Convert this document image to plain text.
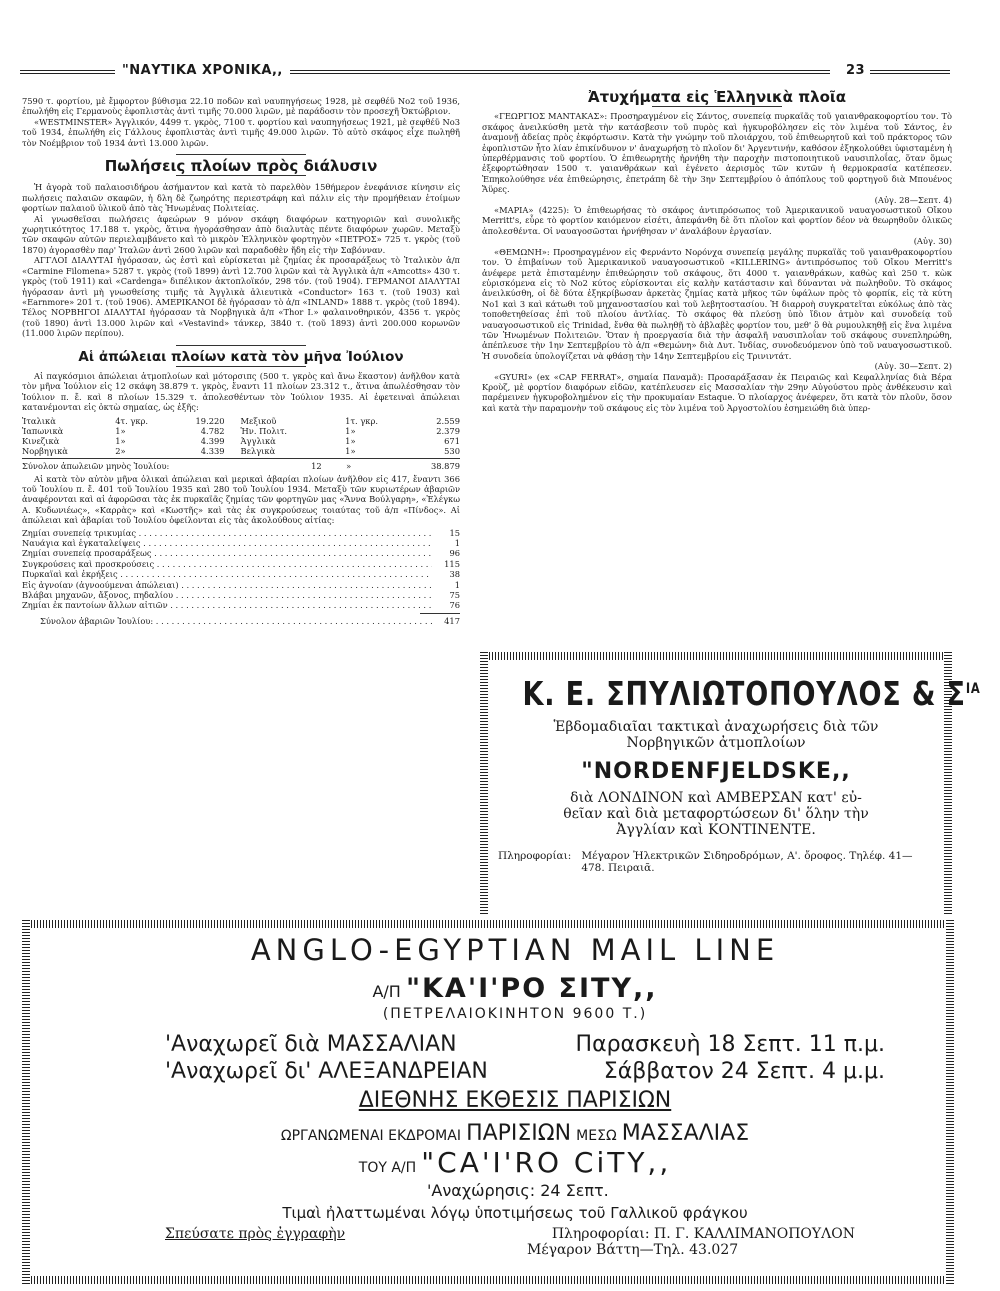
"ΝΑΥΤΙΚΑ ΧΡΟΝΙΚΑ,,	23

7590 τ. φορτίου, μὲ ἔμφορτον βύθισμα 22.10 ποδῶν καὶ ναυπηγήσεως 1928, μὲ σεφθέϋ Νο2 τοῦ 1936, ἐπωλήθη εἰς Γερμανοὺς ἐφοπλιστὰς ἀντὶ τιμῆς 70.000 λιρῶν, μὲ παράδοσιν τὸν προσεχῆ Ὀκτώβριον.

«WESTMINSTER» Ἀγγλικόν, 4499 τ. γκρὸς, 7100 τ. φορτίου καὶ ναυπηγήσεως 1921, μὲ σεφθέϋ Νο3 τοῦ 1934, ἐπωλήθη εἰς Γάλλους ἐφοπλιστὰς ἀντὶ τιμῆς 49.000 λιρῶν. Τὸ αὐτὸ σκάφος εἶχε πωληθῆ τὸν Νοέμβριον τοῦ 1934 ἀντὶ 13.000 λιρῶν.

Πωλήσεις πλοίων πρὸς διάλυσιν

Ἡ ἀγορὰ τοῦ παλαιοσιδήρου ἀσήμαντον καὶ κατὰ τὸ παρελθὸν 15θήμερον ἐνεφάνισε κίνησιν εἰς πωλήσεις παλαιῶν σκαφῶν, ἡ δλη δὲ ζωηρότης περιεστράφη καὶ πάλιν εἰς τὴν προμήθειαν ἑτοίμων φορτίων παλαιοῦ ὑλικοῦ ἀπὸ τὰς Ἡνωμένας Πολιτείας.

Αἱ γνωσθεῖσαι πωλήσεις ἀφεώρων 9 μόνον σκάφη διαφόρων κατηγοριῶν καὶ συνολικῆς χωρητικότητος 17.188 τ. γκρὸς, ἅτινα ἠγοράσθησαν ἀπὸ διαλυτὰς πέντε διαφόρων χωρῶν. Μεταξὺ τῶν σκαφῶν αὐτῶν περιελαμβάνετο καὶ τὸ μικρὸν Ἑλληνικὸν φορτηγὸν «ΠΕΤΡΟΣ» 725 τ. γκρὸς (τοῦ 1870) ἀγορασθὲν παρ' Ἰταλῶν ἀντὶ 2600 λιρῶν καὶ παραδοθὲν ἤδη εἰς τὴν Σαβόνναν.

ΑΓΓΛΟΙ ΔΙΑΛΥΤΑΙ ἠγόρασαν, ὡς ἐστὶ καὶ εὑρίσκεται μὲ ζημίας ἐκ προσαράξεως τὸ Ἰταλικὸν ἀ/π «Carmine Filomena» 5287 τ. γκρὸς (τοῦ 1899) ἀντὶ 12.700 λιρῶν καὶ τὰ Ἀγγλικὰ ἀ/π «Amcotts» 430 τ. γκρὸς (τοῦ 1911) καὶ «Cardenga» διπέλικον ἀκτοπλοϊκόν, 298 τόν. (τοῦ 1904). ΓΕΡΜΑΝΟΙ ΔΙΑΛΥΤΑΙ ἠγόρασαν ἀντὶ μὴ γνωσθείσης τιμῆς τὰ Ἀγγλικὰ ἁλιευτικὰ «Conductor» 163 τ. (τοῦ 1903) καὶ «Earnmore» 201 τ. (τοῦ 1906). ΑΜΕΡΙΚΑΝΟΙ δὲ ἠγόρασαν τὸ ἀ/π «INLAND» 1888 τ. γκρὸς (τοῦ 1894). Τέλος ΝΟΡΒΗΓΟΙ ΔΙΑΛΥΤΑΙ ἠγόρασαν τὰ Νορβηγικὰ ἀ/π «Thor I.» φαλαινοθηρικόν, 4356 τ. γκρὸς (τοῦ 1890) ἀντὶ 13.000 λιρῶν καὶ «Vestavind» τάνκερ, 3840 τ. (τοῦ 1893) ἀντὶ 200.000 κορωνῶν (11.000 λιρῶν περίπου).

Αἱ ἀπώλειαι πλοίων κατὰ τὸν μῆνα Ἰούλιον

Αἱ παγκόσμιοι ἀπώλειαι ἀτμοπλοίων καὶ μότορσιπς (500 τ. γκρὸς καὶ ἄνω ἕκαστον) ἀνῆλθον κατὰ τὸν μῆνα Ἰούλιον εἰς 12 σκάφη 38.879 τ. γκρὸς, ἔναντι 11 πλοίων 23.312 τ., ἅτινα ἀπωλέσθησαν τὸν Ἰούλιον π. ἔ. καὶ 8 πλοίων 15.329 τ. ἀπολεσθέντων τὸν Ἰούλιον 1935. Αἱ ἐφετειναὶ ἀπώλειαι κατανέμονται εἰς ὀκτὼ σημαίας, ὡς ἑξῆς:

Ἰταλικὰ	4	τ. γκρ.	19.220	Μεξικοῦ	1	τ. γκρ.	2.559
Ἰαπωνικὰ	1	»	4.782	Ἡν. Πολιτ.	1	»	2.379
Κινεζικὰ	1	»	4.399	Ἀγγλικὰ	1	»	671
Νορβηγικὰ	2	»	4.339	Βελγικὰ	1	»	530
Σύνολον ἀπωλειῶν μηνὸς Ἰουλίου:	12	»	38.879

Αἱ κατὰ τὸν αὐτὸν μῆνα ὁλικαὶ ἀπώλειαι καὶ μερικαὶ ἀβαρίαι πλοίων ἀνῆλθον εἰς 417, ἔναντι 366 τοῦ Ἰουλίου π. ἔ. 401 τοῦ Ἰουλίου 1935 καὶ 280 τοῦ Ἰουλίου 1934. Μεταξὺ τῶν κυριωτέρων ἀβαριῶν ἀναφέρονται καὶ αἱ ἀφορῶσαι τὰς ἐκ πυρκαϊᾶς ζημίας τῶν φορτηγῶν μας «Ἄννα Βούλγαρη», «Ἐλέγκω Α. Κυδωνιέως», «Καρρὰς» καὶ «Κωστῆς» καὶ τὰς ἐκ συγκρούσεως τοιαύτας τοῦ ἀ/π «Πίνδος». Αἱ ἀπώλειαι καὶ ἀβαρίαι τοῦ Ἰουλίου ὀφείλονται εἰς τὰς ἀκολούθους αἰτίας:

Ζημίαι συνεπείᾳ τρικυμίας . . .	15
Ναυάγια καὶ ἐγκαταλείψεις . . .	1
Ζημίαι συνεπείᾳ προσαράξεως . . .	96
Συγκρούσεις καὶ προσκρούσεις . . .	115
Πυρκαϊαὶ καὶ ἐκρήξεις . . .	38
Εἰς ἀγνοίαν (ἀγνοούμεναι ἀπώλειαι) . . .	1
Βλάβαι μηχανῶν, ἄξονος, πηδαλίου . . .	75
Ζημίαι ἐκ παντοίων ἄλλων αἰτιῶν . . .	76
Σύνολον ἀβαριῶν Ἰουλίου: . . .	417
Ἀτυχήματα εἰς Ἑλληνικὰ πλοῖα

«ΓΕΩΡΓΙΟΣ ΜΑΝΤΑΚΑΣ»: Προσηραγμένον εἰς Σάντος, συνεπείᾳ πυρκαϊᾶς τοῦ γαιανθρακοφορτίου τον. Τὸ σκάφος ἀνειλκύσθη μετὰ τὴν κατάσβεσιν τοῦ πυρὸς καὶ ἠγκυροβόλησεν εἰς τὸν λιμένα τοῦ Σάντος, ἐν ἀναμονῇ ἀδείας πρὸς ἐκφόρτωσιν. Κατὰ τὴν γνώμην τοῦ πλοιάρχου, τοῦ ἐπιθεωρητοῦ καὶ τοῦ πράκτορος τῶν ἐφοπλιστῶν ἦτο λίαν ἐπικίνδυνον ν' ἀναχωρήσῃ τὸ πλοῖον δι' Ἀργεντινήν, καθόσον ἐξηκολούθει ὑφισταμένη ἡ ὑπερθέρμανσις τοῦ φορτίου. Ὁ ἐπιθεωρητὴς ἠρνήθη τὴν παροχὴν πιστοποιητικοῦ ναυσιπλοΐας, ὅταν ὅμως ἐξεφορτώθησαν 1500 τ. γαιανθράκων καὶ ἐγένετο ἀερισμὸς τῶν κυτῶν ἡ θερμοκρασία κατέπεσεν. Ἐπηκολούθησε νέα ἐπιθεώρησις, ἐπετράπη δὲ τὴν 3ην Σεπτεμβρίου ὁ ἀπόπλους τοῦ φορτηγοῦ διὰ Μπουένος Ἄϋρες.

(Αὐγ. 28—Σεπτ. 4)

«ΜΑΡΙΑ» (4225): Ὁ ἐπιθεωρήσας τὸ σκάφος ἀντιπρόσωπος τοῦ Ἀμερικανικοῦ ναυαγοσωστικοῦ Οἴκου Merritt's, εὗρε τὸ φορτίον καιόμενον εἰσέτι, ἀπεφάνθη δὲ ὅτι πλοῖον καὶ φορτίον δέον νὰ θεωρηθοῦν ὁλικῶς ἀπολεσθέντα. Οἱ ναυαγοσῶσται ἠρνήθησαν ν' ἀναλάβουν ἐργασίαν.

(Αὐγ. 30)

«ΘΕΜΩΝΗ»: Προσηραγμένον εἰς Φερνάντο Νορόνχα συνεπείᾳ μεγάλης πυρκαϊᾶς τοῦ γαιανθρακοφορτίου τον. Ὁ ἐπιβαίνων τοῦ Ἀμερικανικοῦ ναυαγοσωστικοῦ «KILLERING» ἀντιπρόσωπος τοῦ Οἴκου Merritt's ἀνέφερε μετὰ ἐπισταμένην ἐπιθεώρησιν τοῦ σκάφους, ὅτι 4000 τ. γαιανθράκων, καθὼς καὶ 250 τ. κὼκ εὑρισκόμενα εἰς τὸ Νο2 κύτος εὑρίσκονται εἰς καλὴν κατάστασιν καὶ δύνανται νὰ πωληθοῦν. Τὸ σκάφος ἀνειλκύσθη, οἱ δὲ δύτα ἐξηκρίβωσαν ἀρκετὰς ζημίας κατὰ μῆκος τῶν ὑφάλων πρὸς τὸ φορπίκ, εἰς τὰ κύτη Νο1 καὶ 3 καὶ κάτωθι τοῦ μηχανοστασίου καὶ τοῦ λεβητοστασίου. Ἡ διαρροὴ συγκρατεῖται εὐκόλως ἀπὸ τὰς τοποθετηθείσας ἐπὶ τοῦ πλοίου ἀντλίας. Τὸ σκάφος θὰ πλεύσῃ ὑπὸ ἴδιον ἀτμὸν καὶ συνοδείᾳ τοῦ ναυαγοσωστικοῦ εἰς Trinidad, ἔνθα θὰ πωληθῇ τὸ ἀβλαβὲς φορτίον του, μεθ' ὃ θὰ ρυμουλκηθῇ εἰς ἕνα λιμένα τῶν Ἡνωμένων Πολιτειῶν. Ὅταν ἡ προεργασία διὰ τὴν ἀσφαλῆ ναυσιπλοΐαν τοῦ σκάφους συνεπληρώθη, ἀπέπλευσε τὴν 1ην Σεπτεμβρίου τὸ ἀ/π «Θεμώνη» διὰ Δυτ. Ἰνδίας, συνοδευόμενον ὑπὸ τοῦ ναυαγοσωστικοῦ. Ἡ συνοδεία ὑπολογίζεται νὰ φθάσῃ τὴν 14ην Σεπτεμβρίου εἰς Τρινιντάτ.

(Αὐγ. 30—Σεπτ. 2)

«GYURI» (ex «CAP FERRAT», σημαία Παναμᾶ): Προσαράξασαν ἐκ Πειραιῶς καὶ Κεφαλληνίας διὰ Βέρα Κροὺζ, μὲ φορτίον διαφόρων εἰδῶν, κατέπλευσεν εἰς Μασσαλίαν τὴν 29ην Αὐγούστου πρὸς ἀνθέκευσιν καὶ παρέμεινεν ἠγκυροβολημένον εἰς τὴν προκυμαίαν Estaque. Ὁ πλοίαρχος ἀνέφερεν, ὅτι κατὰ τὸν πλοῦν, ὅσον καὶ κατὰ τὴν παραμονὴν τοῦ σκάφους εἰς τὸν λιμένα τοῦ Ἀργοστολίου ἐσημειώθη διὰ ὑπερ-

Κ. Ε. ΣΠΥΛΙΩΤΟΠΟΥΛΟΣ & $\Sigma^{IA}$
Ἑβδομαδιαῖαι τακτικαὶ ἀναχωρήσεις διὰ τῶν
Νορβηγικῶν ἀτμοπλοίων
"NORDENFJELDSKE,,
διὰ ΛΟΝΔΙΝΟΝ καὶ ΑΜΒΕΡΣΑΝ κατ' εὐ-
θεῖαν καὶ διὰ μεταφορτώσεων δι' ὅλην τὴν
Ἀγγλίαν καὶ ΚΟΝΤΙΝΕΝΤΕ.
Πληροφορίαι: Μέγαρον Ἠλεκτρικῶν Σιδηροδρόμων, Α'. ὄροφος. Τηλέφ. 41—478. Πειραιᾶ.
ANGLO-EGYPTIAN MAIL LINE
Α/Π "ΚΑ'Ι'ΡΟ ΣΙΤΥ,,
(ΠΕΤΡΕΛΑΙΟΚΙΝΗΤΟΝ 9600 Τ.)
'Αναχωρεῖ διὰ ΜΑΣΣΑΛΙΑΝ	Παρασκευὴ 18 Σεπτ. 11 π.μ.
'Αναχωρεῖ δι' ΑΛΕΞΑΝΔΡΕΙΑΝ	Σάββατον 24 Σεπτ. 4 μ.μ.
ΔΙΕΘΝΗΣ ΕΚΘΕΣΙΣ ΠΑΡΙΣΙΩΝ
ΩΡΓΑΝΩΜΕΝΑΙ ΕΚΔΡΟΜΑΙ ΠΑΡΙΣΙΩΝ ΜΕΣΩ ΜΑΣΣΑΛΙΑΣ
ΤΟΥ Α/Π "CA'I'RO CiTY,,
'Αναχώρησις: 24 Σεπτ.
Τιμαὶ ἠλαττωμέναι λόγῳ ὑποτιμήσεως τοῦ Γαλλικοῦ φράγκου
Σπεύσατε πρὸς ἐγγραφὴν	Πληροφορίαι: Π. Γ. ΚΑΛΛΙΜΑΝΟΠΟΥΛΟΝ
Μέγαρον Βάττη—Τηλ. 43.027
